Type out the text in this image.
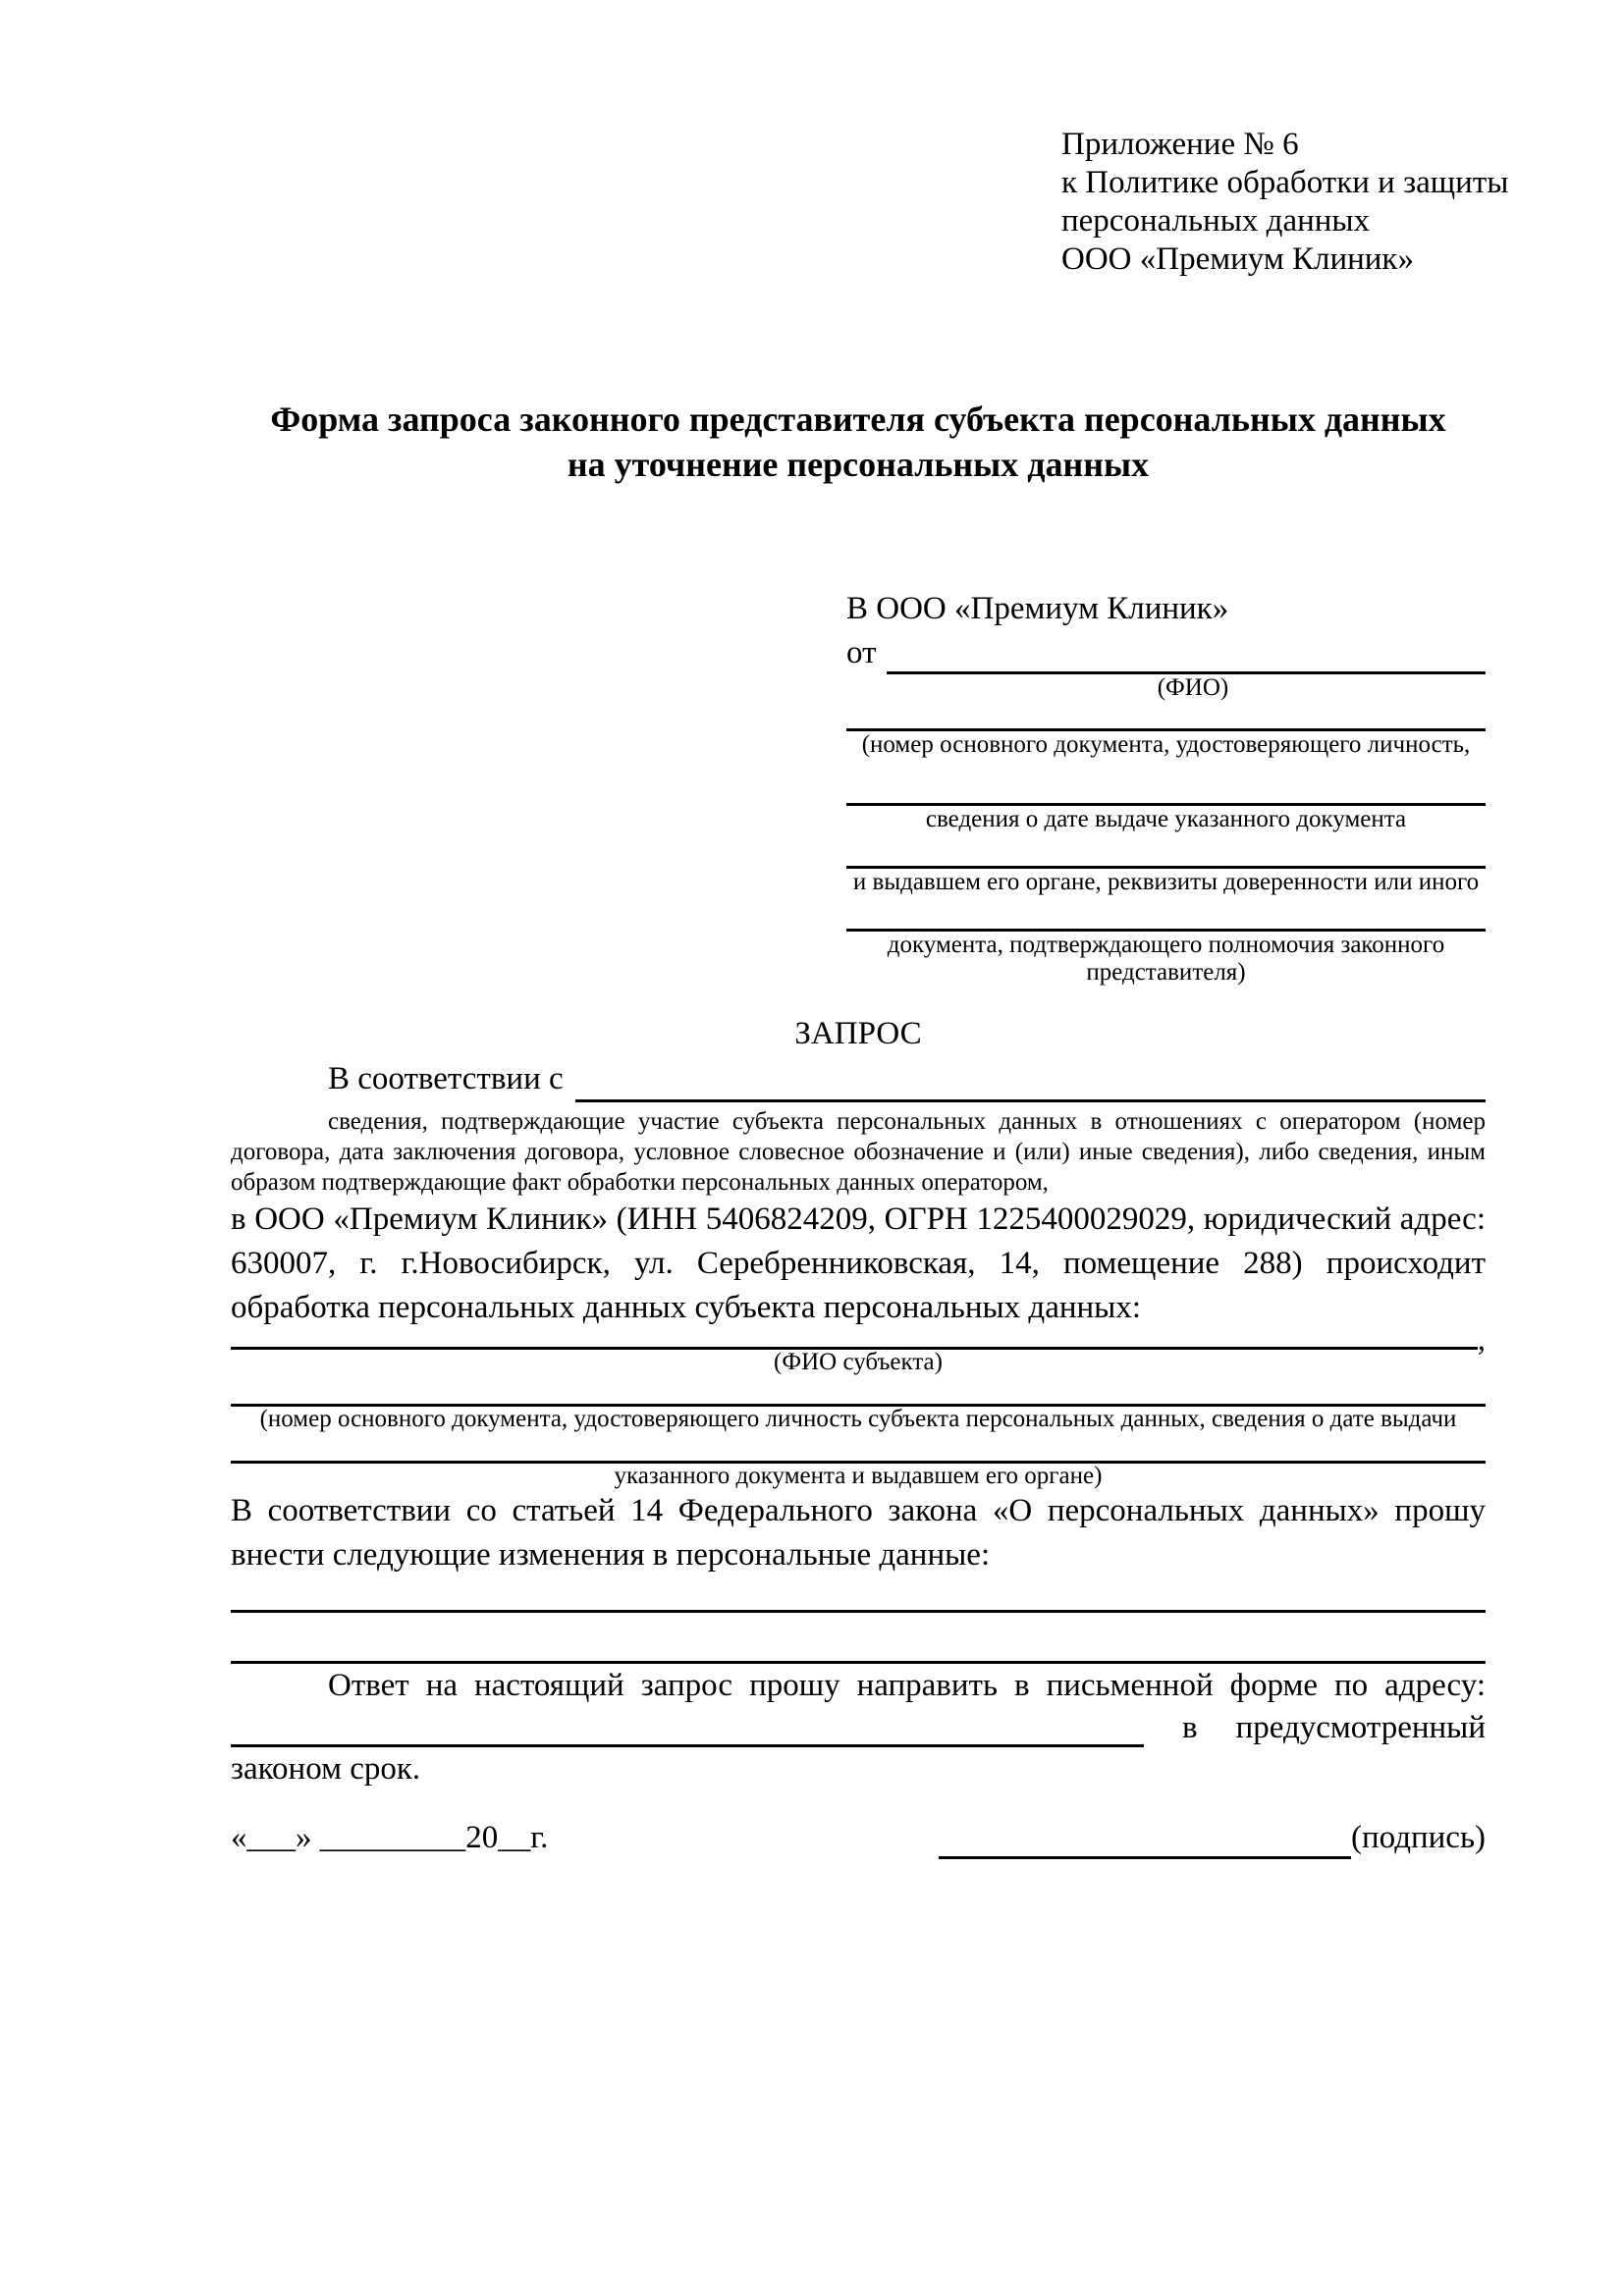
Приложение № 6
к Политике обработки и защиты
персональных данных
ООО «Премиум Клиник»
Форма запроса законного представителя субъекта персональных данных
на уточнение персональных данных
В ООО «Премиум Клиник»
от
(ФИО)
(номер основного документа, удостоверяющего личность,
сведения о дате выдаче указанного документа
и выдавшем его органе, реквизиты доверенности или иного
документа, подтверждающего полномочия законного представителя)
ЗАПРОС
В соответствии с
сведения, подтверждающие участие субъекта персональных данных в отношениях с оператором (номер договора, дата заключения договора, условное словесное обозначение и (или) иные сведения), либо сведения, иным образом подтверждающие факт обработки персональных данных оператором,
в ООО «Премиум Клиник» (ИНН 5406824209, ОГРН 1225400029029, юридический адрес: 630007, г. г.Новосибирск, ул. Серебренниковская, 14, помещение 288) происходит обработка персональных данных субъекта персональных данных:
,
(ФИО субъекта)
(номер основного документа, удостоверяющего личность субъекта персональных данных, сведения о дате выдачи
указанного документа и выдавшем его органе)
В соответствии со статьей 14 Федерального закона «О персональных данных» прошу внести следующие изменения в персональные данные:
Ответ на настоящий запрос прошу направить в письменной форме по адресу:
в	предусмотренный
законом срок.
«___» _________20__г.	(подпись)
